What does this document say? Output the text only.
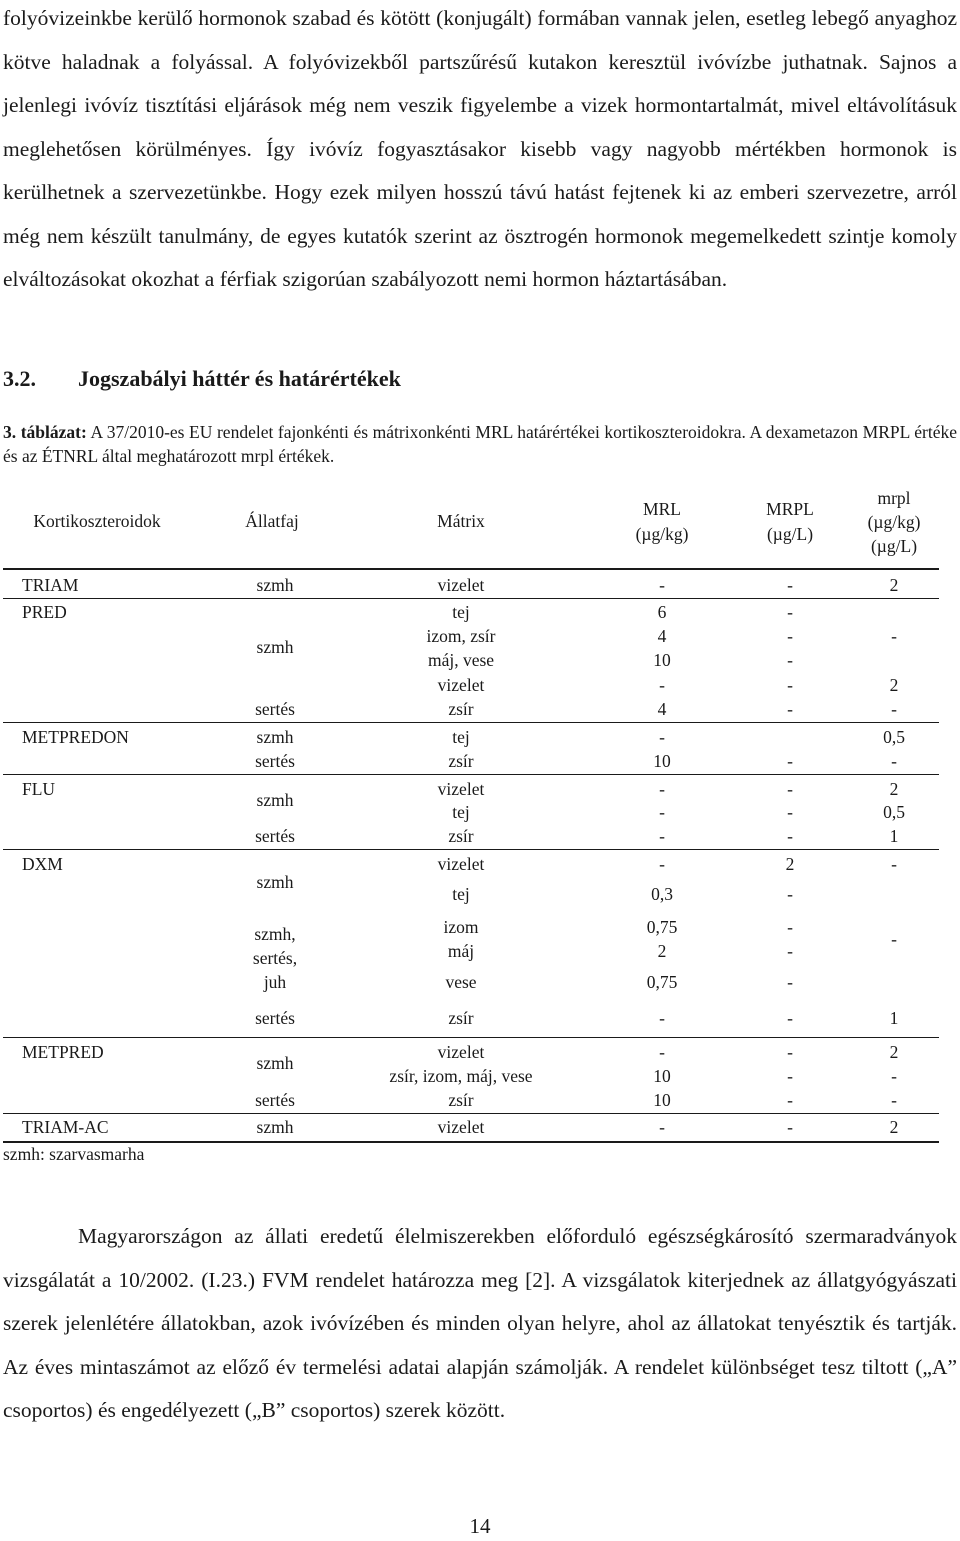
folyóvizeinkbe kerülő hormonok szabad és kötött (konjugált) formában vannak jelen, esetleg lebegő anyaghoz kötve haladnak a folyással. A folyóvizekből partszűrésű kutakon keresztül ivóvízbe juthatnak. Sajnos a jelenlegi ivóvíz tisztítási eljárások még nem veszik figyelembe a vizek hormontartalmát, mivel eltávolításuk meglehetősen körülményes. Így ivóvíz fogyasztásakor kisebb vagy nagyobb mértékben hormonok is kerülhetnek a szervezetünkbe. Hogy ezek milyen hosszú távú hatást fejtenek ki az emberi szervezetre, arról még nem készült tanulmány, de egyes kutatók szerint az ösztrogén hormonok megemelkedett szintje komoly elváltozásokat okozhat a férfiak szigorúan szabályozott nemi hormon háztartásában.

3.2. Jogszabályi háttér és határértékek

3. táblázat: A 37/2010-es EU rendelet fajonkénti és mátrixonkénti MRL határértékei kortikoszteroidokra. A dexametazon MRPL értéke és az ÉTNRL által meghatározott mrpl értékek.

Kortikoszteroidok	Állatfaj	Mátrix
MRL
(µg/kg)
MRPL
(µg/L)
mrpl
(µg/kg)
(µg/L)
TRIAM
PRED
METPREDON
FLU
DXM
METPRED
TRIAM-AC
szmh
szmh
sertés
szmh
sertés
szmh
sertés
szmh
szmh,
sertés,
juh
sertés
szmh
sertés
szmh
vizelet
tej
izom, zsír
máj, vese
vizelet
zsír
tej
zsír
vizelet
tej
zsír
vizelet
tej
izom
máj
vese
zsír
vizelet
zsír, izom, máj, vese
zsír
vizelet
-
6
4
10
-
4
-
10
-
-
-
-
0,3
0,75
2
0,75
-
-
10
10
-
-
-
-
-
-
-
-
-
-
-
2
-
-
-
-
-
-
-
-
-
2
-
2
-
0,5
-
2
0,5
1
-
-
1
2
-
-
2
szmh: szarvasmarha

Magyarországon az állati eredetű élelmiszerekben előforduló egészségkárosító szermaradványok vizsgálatát a 10/2002. (I.23.) FVM rendelet határozza meg [2]. A vizsgálatok kiterjednek az állatgyógyászati szerek jelenlétére állatokban, azok ivóvízében és minden olyan helyre, ahol az állatokat tenyésztik és tartják. Az éves mintaszámot az előző év termelési adatai alapján számolják. A rendelet különbséget tesz tiltott („A” csoportos) és engedélyezett („B” csoportos) szerek között.

14
